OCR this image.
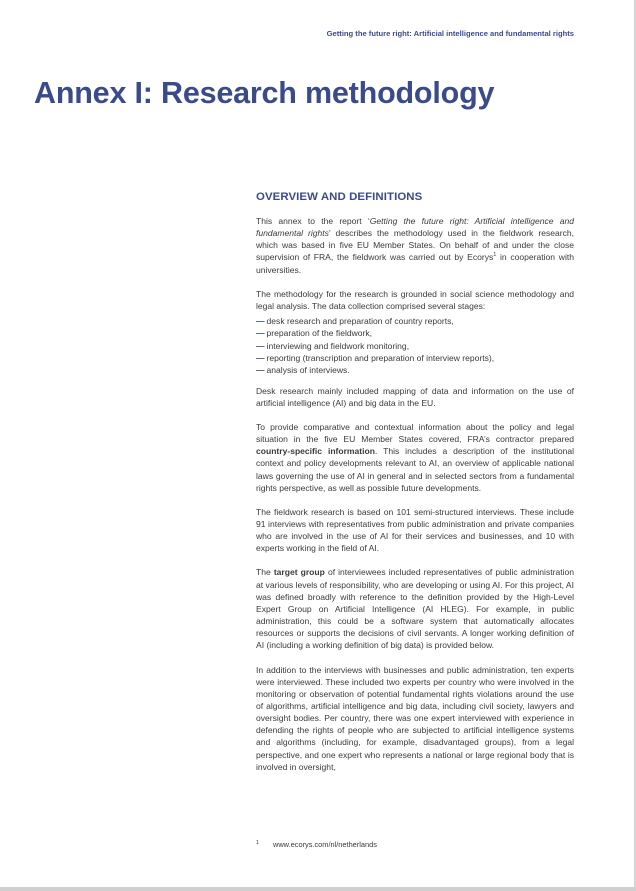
Getting the future right: Artificial intelligence and fundamental rights
Annex I: Research methodology
OVERVIEW AND DEFINITIONS

This annex to the report ‘Getting the future right: Artificial intelligence and fundamental rights’ describes the methodology used in the fieldwork research, which was based in five EU Member States. On behalf of and under the close supervision of FRA, the fieldwork was carried out by Ecorys$^1$ in cooperation with universities.

The methodology for the research is grounded in social science methodology and legal analysis. The data collection comprised several stages:

— desk research and preparation of country reports,
— preparation of the fieldwork,
— interviewing and fieldwork monitoring,
— reporting (transcription and preparation of interview reports),
— analysis of interviews.

Desk research mainly included mapping of data and information on the use of artificial intelligence (AI) and big data in the EU.

To provide comparative and contextual information about the policy and legal situation in the five EU Member States covered, FRA’s contractor prepared country-specific information. This includes a description of the institutional context and policy developments relevant to AI, an overview of applicable national laws governing the use of AI in general and in selected sectors from a fundamental rights perspective, as well as possible future developments.

The fieldwork research is based on 101 semi-structured interviews. These include 91 interviews with representatives from public administration and private companies who are involved in the use of AI for their services and businesses, and 10 with experts working in the field of AI.

The target group of interviewees included representatives of public administration at various levels of responsibility, who are developing or using AI. For this project, AI was defined broadly with reference to the definition provided by the High-Level Expert Group on Artificial Intelligence (AI HLEG). For example, in public administration, this could be a software system that automatically allocates resources or supports the decisions of civil servants. A longer working definition of AI (including a working definition of big data) is provided below.

In addition to the interviews with businesses and public administration, ten experts were interviewed. These included two experts per country who were involved in the monitoring or observation of potential fundamental rights violations around the use of algorithms, artificial intelligence and big data, including civil society, lawyers and oversight bodies. Per country, there was one expert interviewed with experience in defending the rights of people who are subjected to artificial intelligence systems and algorithms (including, for example, disadvantaged groups), from a legal perspective, and one expert who represents a national or large regional body that is involved in oversight,

1 www.ecorys.com/nl/netherlands
